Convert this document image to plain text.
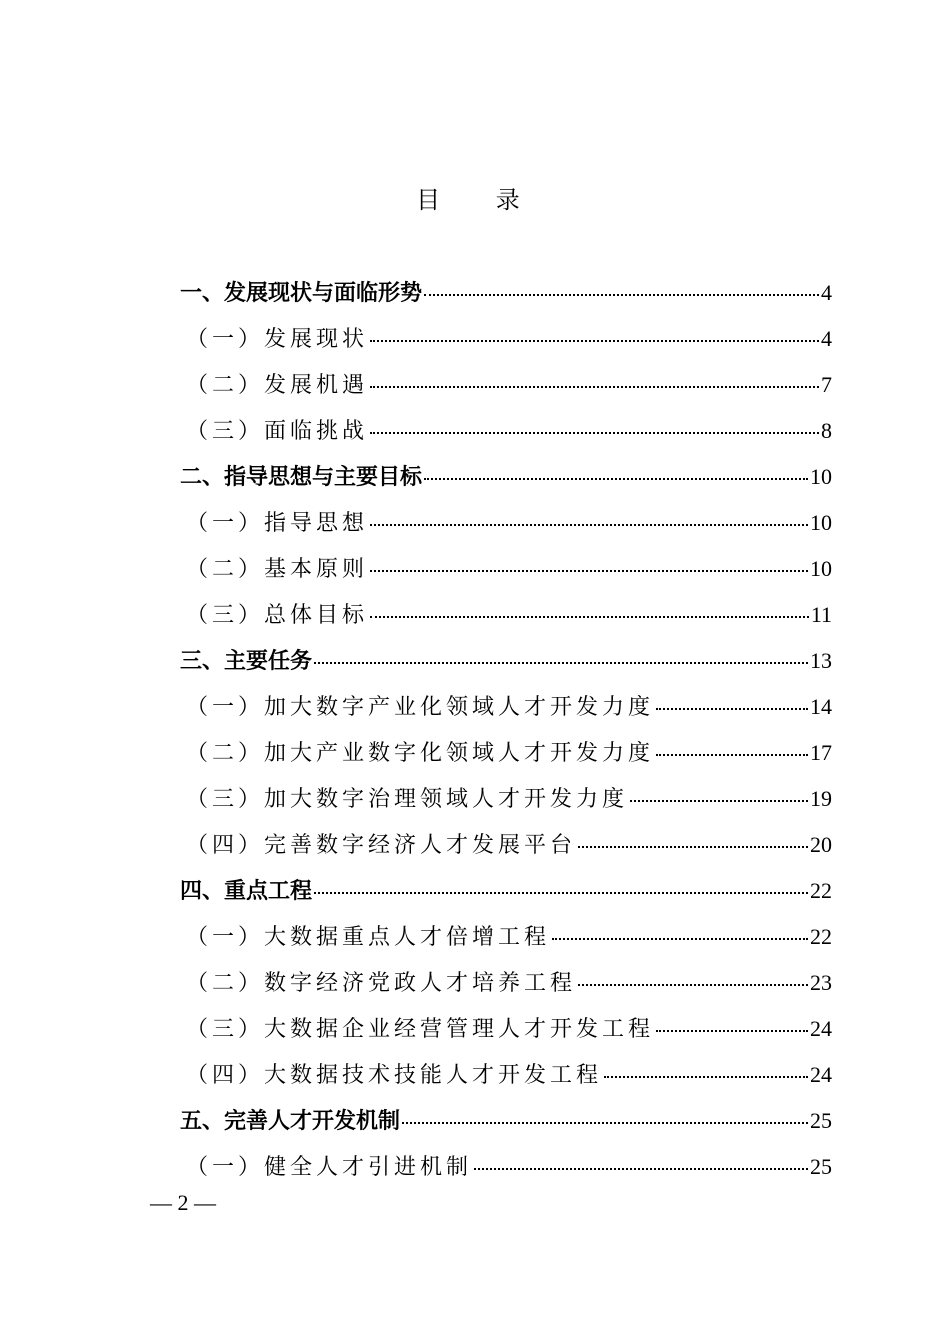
目 录
一、发展现状与面临形势	4
（一）发展现状	4
（二）发展机遇	7
（三）面临挑战	8
二、指导思想与主要目标	10
（一）指导思想	10
（二）基本原则	10
（三）总体目标	11
三、主要任务	13
（一）加大数字产业化领域人才开发力度	14
（二）加大产业数字化领域人才开发力度	17
（三）加大数字治理领域人才开发力度	19
（四）完善数字经济人才发展平台	20
四、重点工程	22
（一）大数据重点人才倍增工程	22
（二）数字经济党政人才培养工程	23
（三）大数据企业经营管理人才开发工程	24
（四）大数据技术技能人才开发工程	24
五、完善人才开发机制	25
（一）健全人才引进机制	25
— 2 —
